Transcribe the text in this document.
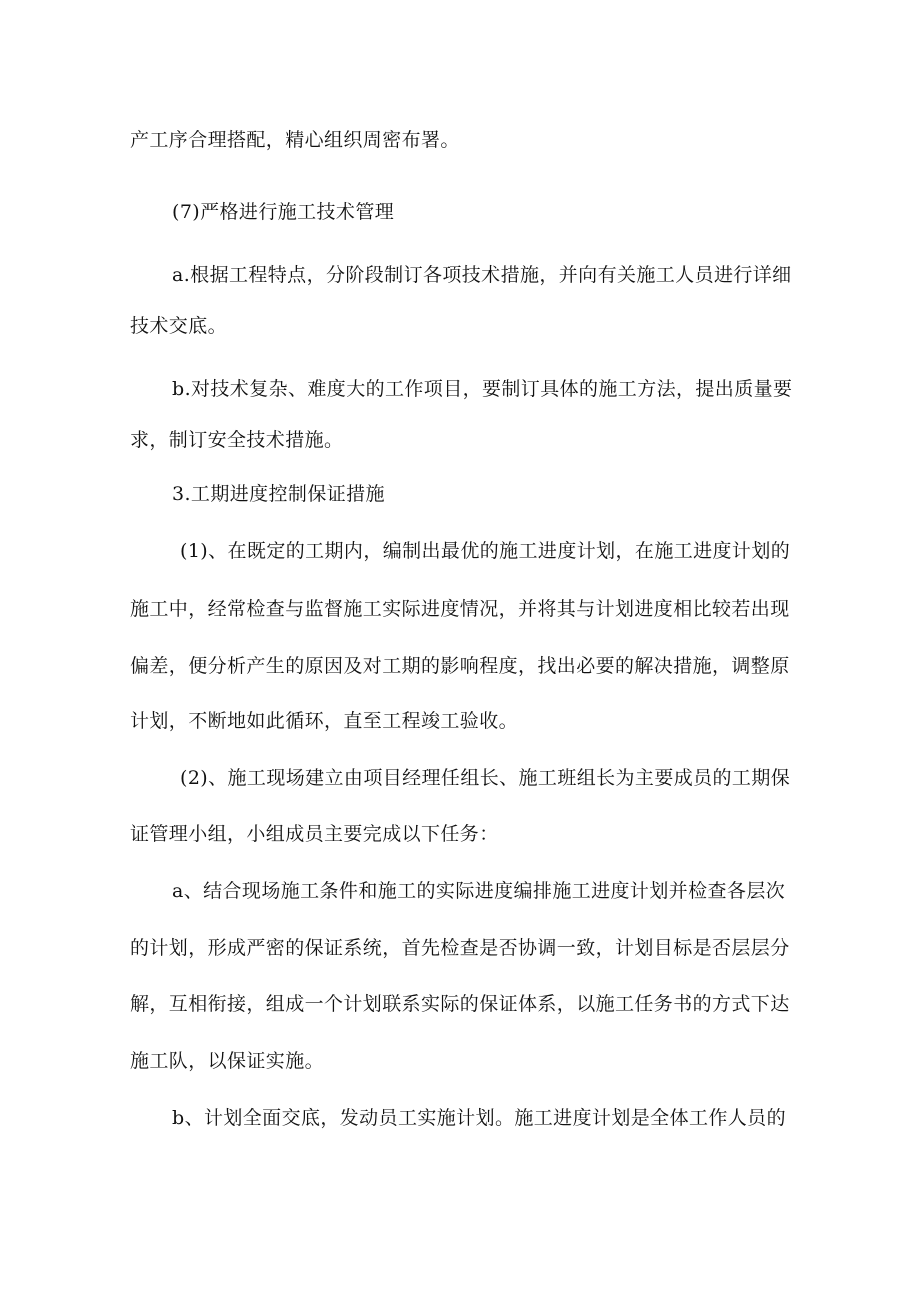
产工序合理搭配，精心组织周密布署。
(7)严格进行施工技术管理
a.根据工程特点，分阶段制订各项技术措施，并向有关施工人员进行详细
技术交底。
b.对技术复杂、难度大的工作项目，要制订具体的施工方法，提出质量要
求，制订安全技术措施。
3.工期进度控制保证措施
(1)、在既定的工期内，编制出最优的施工进度计划，在施工进度计划的
施工中，经常检查与监督施工实际进度情况，并将其与计划进度相比较若出现
偏差，便分析产生的原因及对工期的影响程度，找出必要的解决措施，调整原
计划，不断地如此循环，直至工程竣工验收。
(2)、施工现场建立由项目经理任组长、施工班组长为主要成员的工期保
证管理小组，小组成员主要完成以下任务：
a、结合现场施工条件和施工的实际进度编排施工进度计划并检查各层次
的计划，形成严密的保证系统，首先检查是否协调一致，计划目标是否层层分
解，互相衔接，组成一个计划联系实际的保证体系，以施工任务书的方式下达
施工队，以保证实施。
b、计划全面交底，发动员工实施计划。施工进度计划是全体工作人员的
